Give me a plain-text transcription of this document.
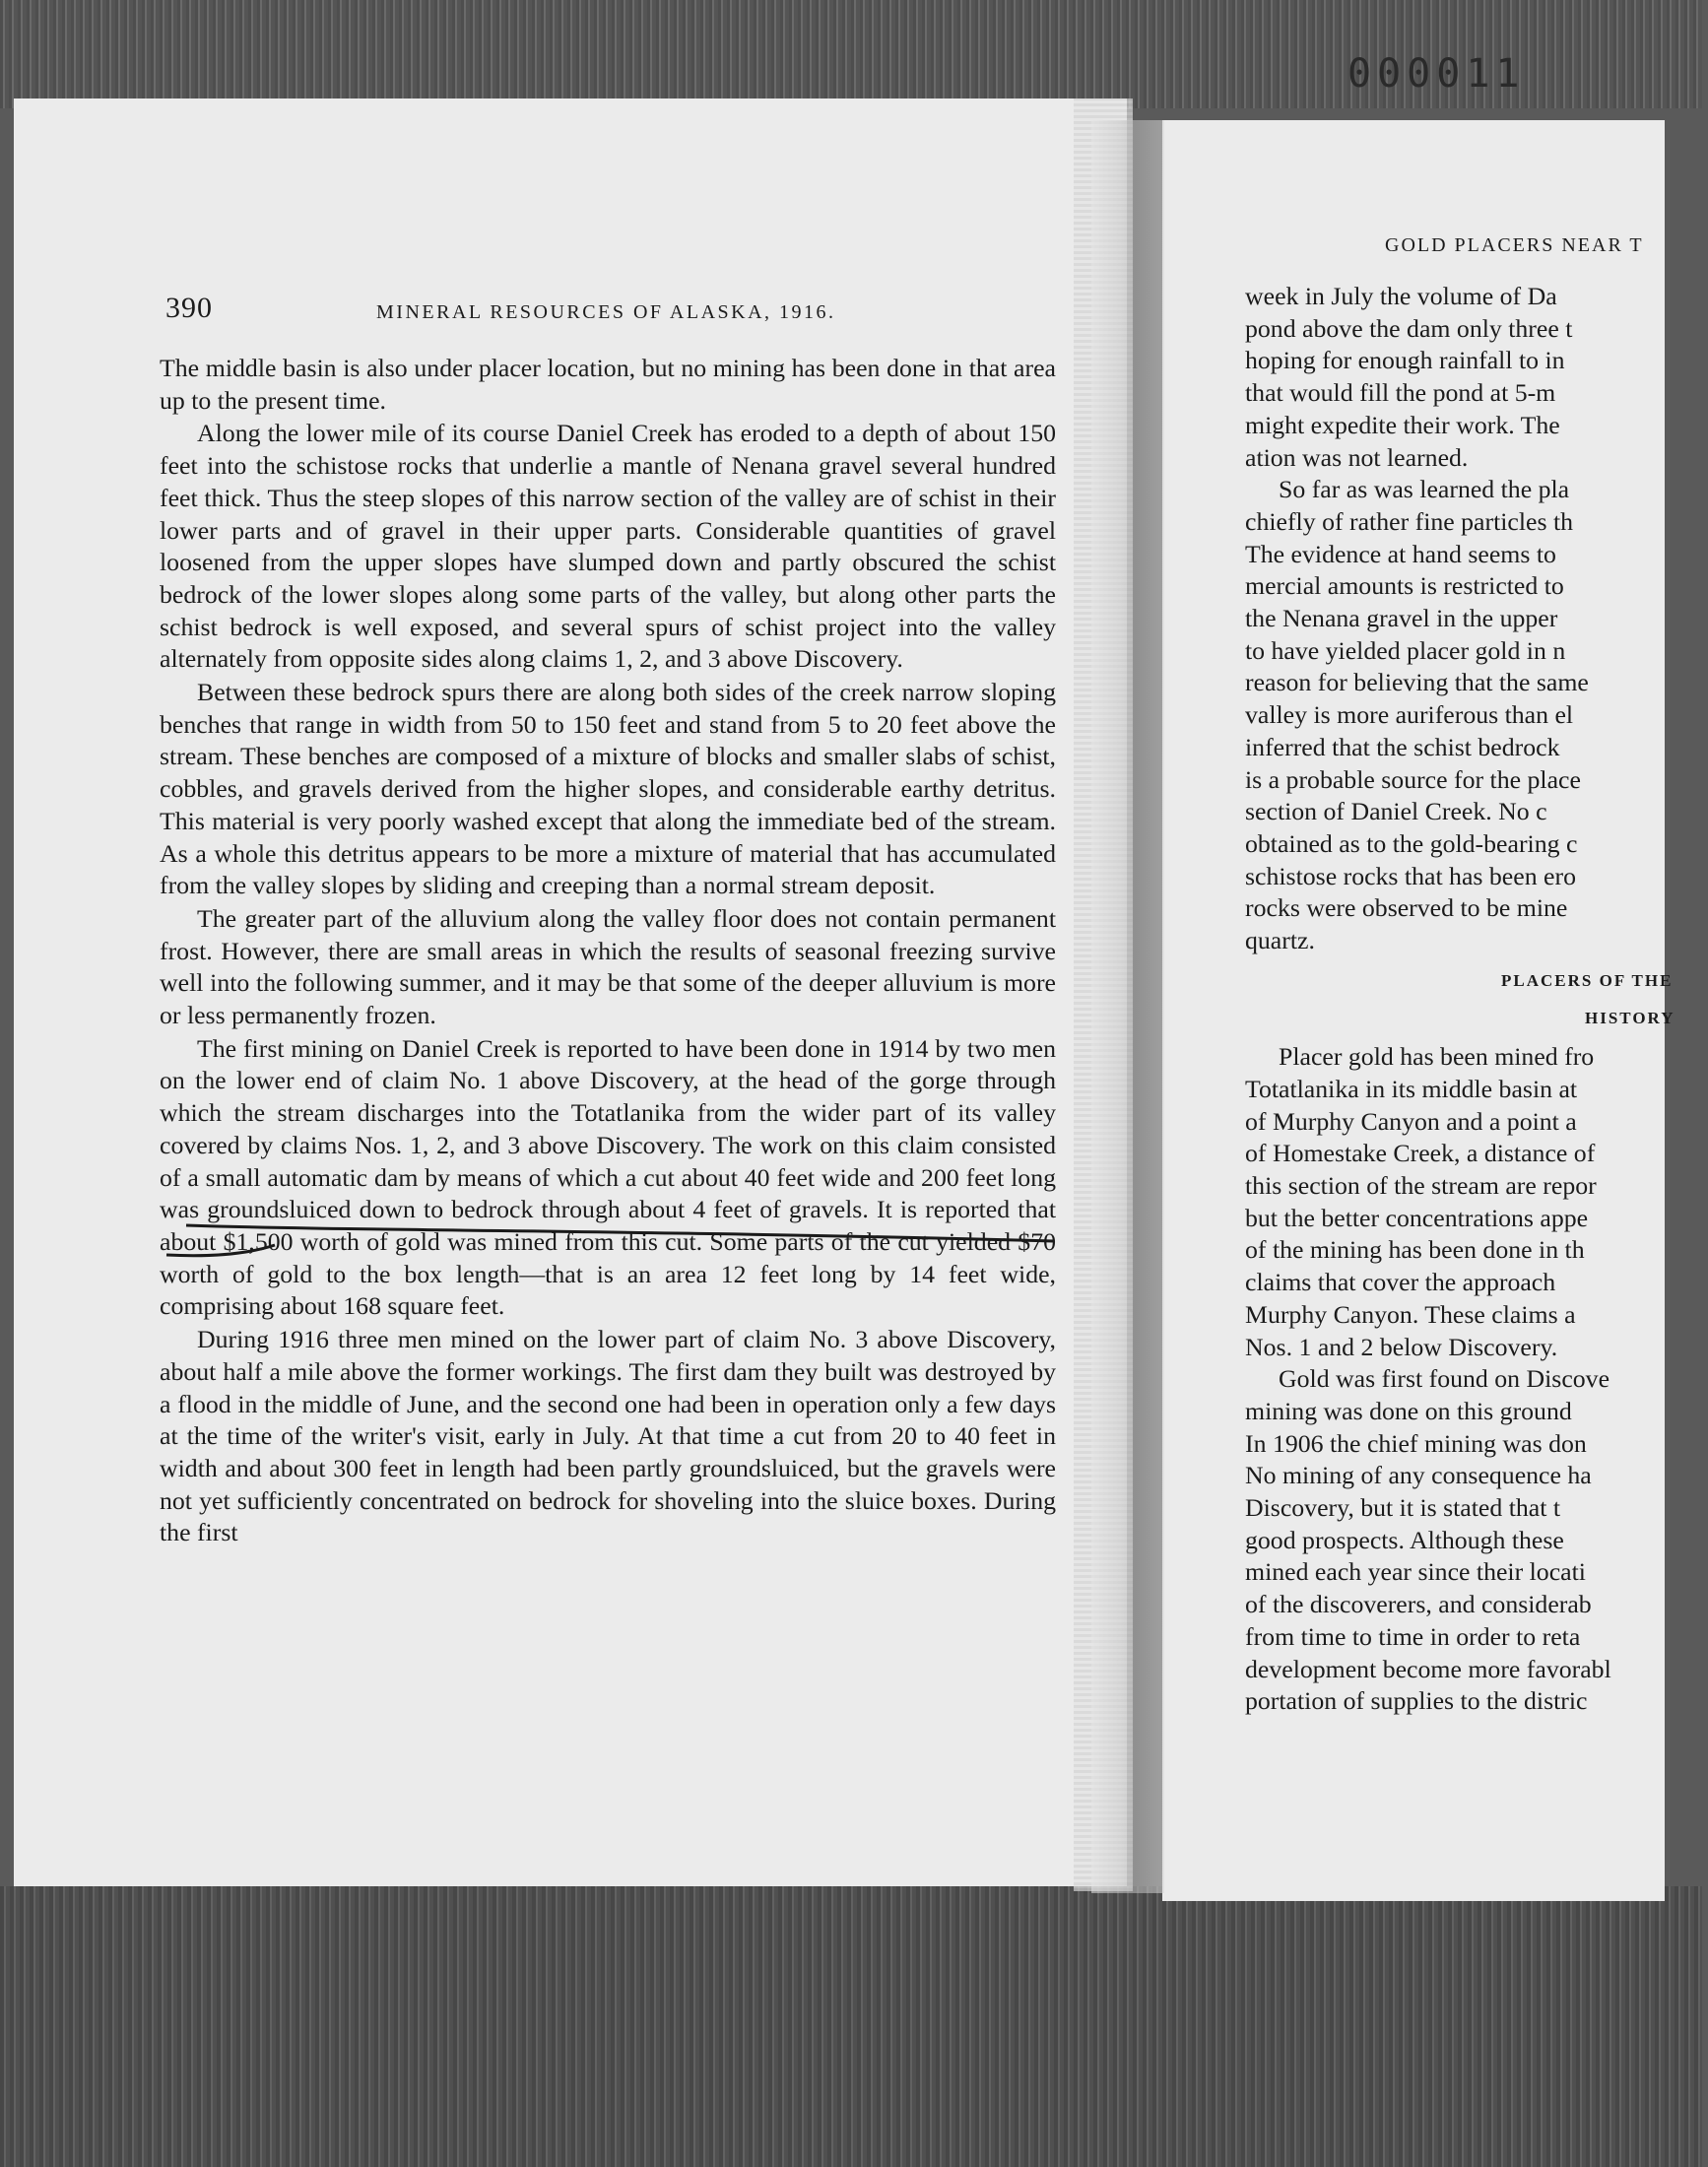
000011
390	MINERAL RESOURCES OF ALASKA, 1916.

The middle basin is also under placer location, but no mining has been done in that area up to the present time.

Along the lower mile of its course Daniel Creek has eroded to a depth of about 150 feet into the schistose rocks that underlie a mantle of Nenana gravel several hundred feet thick. Thus the steep slopes of this narrow section of the valley are of schist in their lower parts and of gravel in their upper parts. Considerable quantities of gravel loosened from the upper slopes have slumped down and partly obscured the schist bedrock of the lower slopes along some parts of the valley, but along other parts the schist bedrock is well exposed, and several spurs of schist project into the valley alternately from opposite sides along claims 1, 2, and 3 above Discovery.

Between these bedrock spurs there are along both sides of the creek narrow sloping benches that range in width from 50 to 150 feet and stand from 5 to 20 feet above the stream. These benches are composed of a mixture of blocks and smaller slabs of schist, cobbles, and gravels derived from the higher slopes, and considerable earthy detritus. This material is very poorly washed except that along the immediate bed of the stream. As a whole this detritus appears to be more a mixture of material that has accumulated from the valley slopes by sliding and creeping than a normal stream deposit.

The greater part of the alluvium along the valley floor does not contain permanent frost. However, there are small areas in which the results of seasonal freezing survive well into the following summer, and it may be that some of the deeper alluvium is more or less permanently frozen.

The first mining on Daniel Creek is reported to have been done in 1914 by two men on the lower end of claim No. 1 above Discovery, at the head of the gorge through which the stream discharges into the Totatlanika from the wider part of its valley covered by claims Nos. 1, 2, and 3 above Discovery. The work on this claim consisted of a small automatic dam by means of which a cut about 40 feet wide and 200 feet long was groundsluiced down to bedrock through about 4 feet of gravels. It is reported that about $1,500 worth of gold was mined from this cut. Some parts of the cut yielded $70 worth of gold to the box length—that is an area 12 feet long by 14 feet wide, comprising about 168 square feet.

During 1916 three men mined on the lower part of claim No. 3 above Discovery, about half a mile above the former workings. The first dam they built was destroyed by a flood in the middle of June, and the second one had been in operation only a few days at the time of the writer's visit, early in July. At that time a cut from 20 to 40 feet in width and about 300 feet in length had been partly groundsluiced, but the gravels were not yet sufficiently concentrated on bedrock for shoveling into the sluice boxes. During the first

GOLD PLACERS NEAR T
week in July the volume of Da
pond above the dam only three t
hoping for enough rainfall to in
that would fill the pond at 5-m
might expedite their work. The
ation was not learned.
So far as was learned the pla
chiefly of rather fine particles th
The evidence at hand seems to
mercial amounts is restricted to
the Nenana gravel in the upper
to have yielded placer gold in n
reason for believing that the same
valley is more auriferous than el
inferred that the schist bedrock
is a probable source for the place
section of Daniel Creek. No c
obtained as to the gold-bearing c
schistose rocks that has been ero
rocks were observed to be mine
quartz.
PLACERS OF THE
HISTORY
Placer gold has been mined fro
Totatlanika in its middle basin at
of Murphy Canyon and a point a
of Homestake Creek, a distance of
this section of the stream are repor
but the better concentrations appe
of the mining has been done in th
claims that cover the approach
Murphy Canyon. These claims a
Nos. 1 and 2 below Discovery.
Gold was first found on Discove
mining was done on this ground
In 1906 the chief mining was don
No mining of any consequence ha
Discovery, but it is stated that t
good prospects. Although these
mined each year since their locati
of the discoverers, and considerab
from time to time in order to reta
development become more favorabl
portation of supplies to the distric
